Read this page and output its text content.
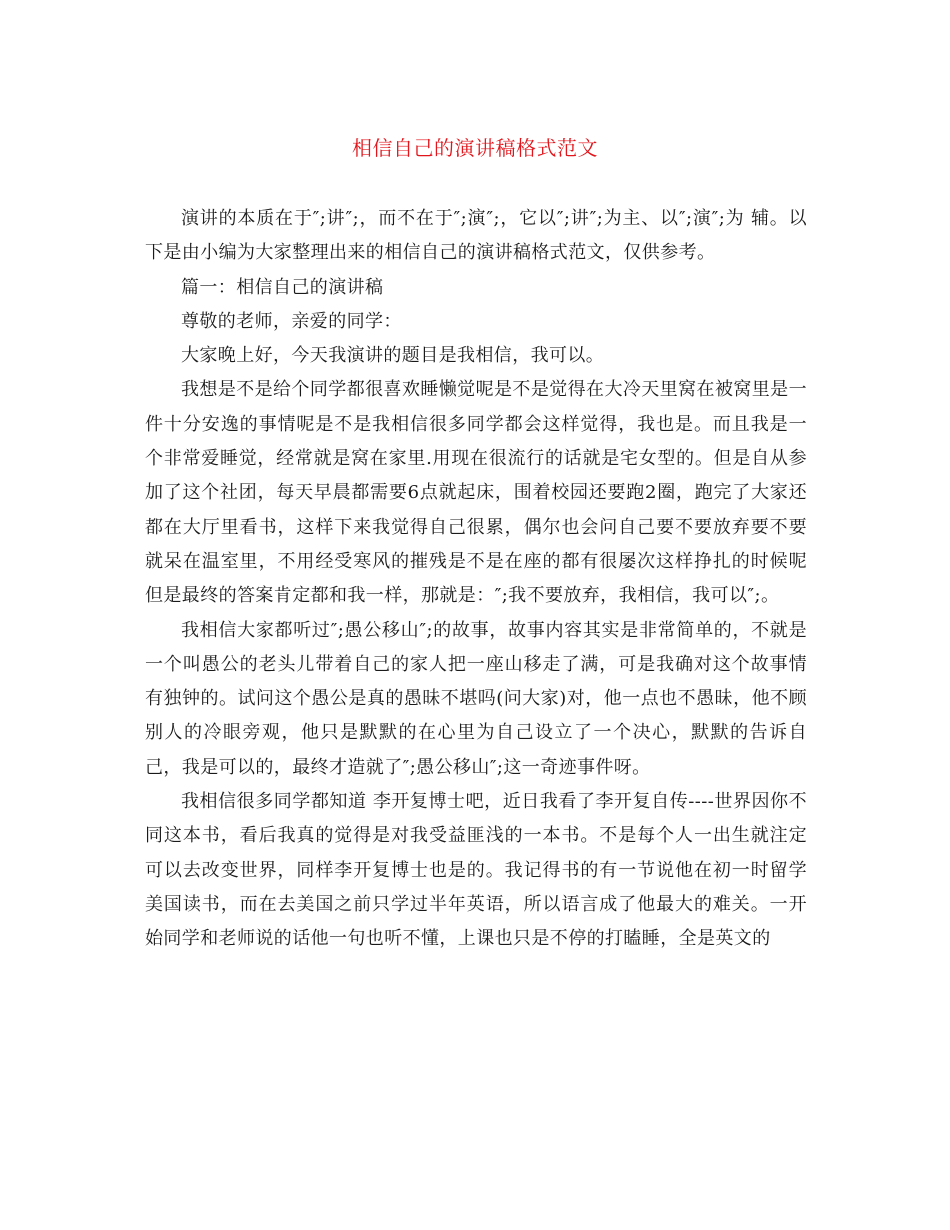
相信自己的演讲稿格式范文

演讲的本质在于″;讲″;，而不在于″;演″;，它以″;讲″;为主、以″;演″;为 辅。以下是由小编为大家整理出来的相信自己的演讲稿格式范文，仅供参考。

篇一：相信自己的演讲稿

尊敬的老师，亲爱的同学：

大家晚上好，今天我演讲的题目是我相信，我可以。

我想是不是给个同学都很喜欢睡懒觉呢是不是觉得在大冷天里窝在被窝里是一件十分安逸的事情呢是不是我相信很多同学都会这样觉得，我也是。而且我是一个非常爱睡觉，经常就是窝在家里.用现在很流行的话就是宅女型的。但是自从参加了这个社团，每天早晨都需要6点就起床，围着校园还要跑2圈，跑完了大家还都在大厅里看书，这样下来我觉得自己很累，偶尔也会问自己要不要放弃要不要就呆在温室里，不用经受寒风的摧残是不是在座的都有很屡次这样挣扎的时候呢但是最终的答案肯定都和我一样，那就是：″;我不要放弃，我相信，我可以″;。

我相信大家都听过″;愚公移山″;的故事，故事内容其实是非常简单的，不就是一个叫愚公的老头儿带着自己的家人把一座山移走了满，可是我确对这个故事情有独钟的。试问这个愚公是真的愚昧不堪吗(问大家)对，他一点也不愚昧，他不顾别人的冷眼旁观，他只是默默的在心里为自己设立了一个决心，默默的告诉自己，我是可以的，最终才造就了″;愚公移山″;这一奇迹事件呀。

我相信很多同学都知道 李开复博士吧，近日我看了李开复自传----世界因你不同这本书，看后我真的觉得是对我受益匪浅的一本书。不是每个人一出生就注定可以去改变世界，同样李开复博士也是的。我记得书的有一节说他在初一时留学美国读书，而在去美国之前只学过半年英语，所以语言成了他最大的难关。一开始同学和老师说的话他一句也听不懂，上课也只是不停的打瞌睡，全是英文的
